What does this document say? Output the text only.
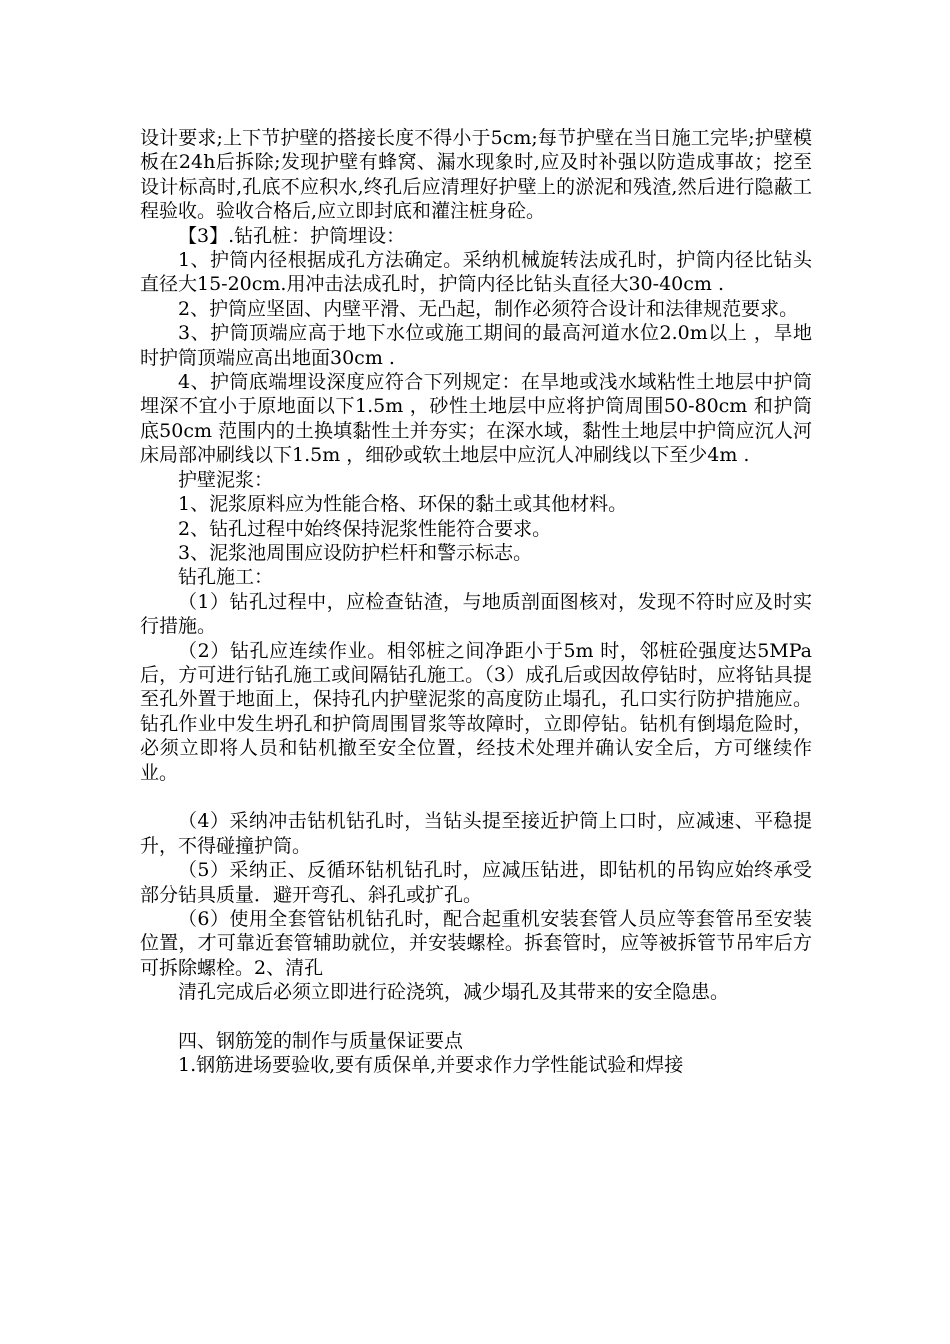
设计要求;上下节护壁的搭接长度不得小于5cm;每节护壁在当日施工完毕;护壁模板在24h后拆除;发现护壁有蜂窝、漏水现象时,应及时补强以防造成事故；挖至设计标高时,孔底不应积水,终孔后应清理好护壁上的淤泥和残渣,然后进行隐蔽工程验收。验收合格后,应立即封底和灌注桩身砼。

【3】.钻孔桩：护筒埋设：

1、护筒内径根据成孔方法确定。采纳机械旋转法成孔时，护筒内径比钻头直径大15-20cm.用冲击法成孔时，护筒内径比钻头直径大30-40cm .

2、护筒应坚固、内壁平滑、无凸起，制作必须符合设计和法律规范要求。

3、护筒顶端应高于地下水位或施工期间的最高河道水位2.0m以上 ，旱地时护筒顶端应高出地面30cm .

4、护筒底端埋设深度应符合下列规定：在旱地或浅水域粘性土地层中护筒埋深不宜小于原地面以下1.5m ，砂性土地层中应将护筒周围50-80cm 和护筒底50cm 范围内的土换填黏性土并夯实；在深水域，黏性土地层中护筒应沉人河床局部冲刷线以下1.5m ，细砂或软土地层中应沉人冲刷线以下至少4m .

护壁泥浆：

1、泥浆原料应为性能合格、环保的黏土或其他材料。

2、钻孔过程中始终保持泥浆性能符合要求。

3、泥浆池周围应设防护栏杆和警示标志。

钻孔施工：

（1）钻孔过程中，应检查钻渣，与地质剖面图核对，发现不符时应及时实行措施。

（2）钻孔应连续作业。相邻桩之间净距小于5m 时，邻桩砼强度达5MPa 后，方可进行钻孔施工或间隔钻孔施工。（3）成孔后或因故停钻时，应将钻具提至孔外置于地面上，保持孔内护壁泥浆的高度防止塌孔，孔口实行防护措施应。钻孔作业中发生坍孔和护筒周围冒浆等故障时，立即停钻。钻机有倒塌危险时，必须立即将人员和钻机撤至安全位置，经技术处理并确认安全后，方可继续作业。

（4）采纳冲击钻机钻孔时，当钻头提至接近护筒上口时，应减速、平稳提升，不得碰撞护筒。

（5）采纳正、反循环钻机钻孔时，应减压钻进，即钻机的吊钩应始终承受部分钻具质量．避开弯孔、斜孔或扩孔。

（6）使用全套管钻机钻孔时，配合起重机安装套管人员应等套管吊至安装位置，才可靠近套管辅助就位，并安装螺栓。拆套管时，应等被拆管节吊牢后方可拆除螺栓。2、清孔

清孔完成后必须立即进行砼浇筑，减少塌孔及其带来的安全隐患。

四、钢筋笼的制作与质量保证要点

1.钢筋进场要验收,要有质保单,并要求作力学性能试验和焊接
